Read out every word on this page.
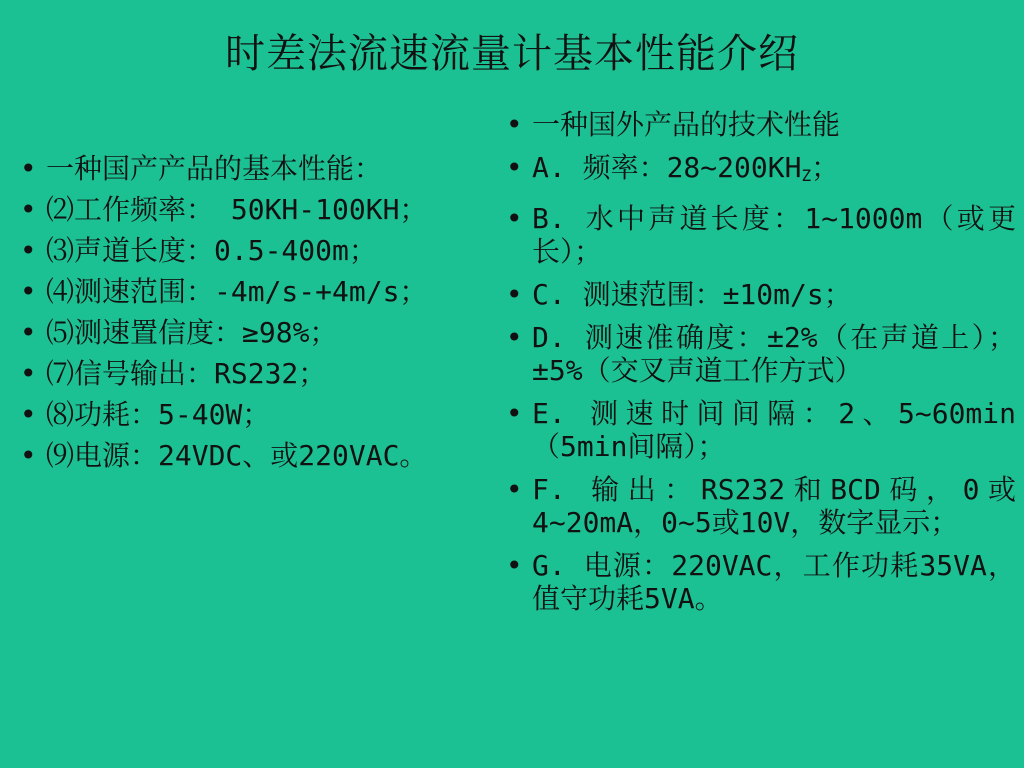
时差法流速流量计基本性能介绍
• 一种国产产品的基本性能：
• ⑵工作频率： 50KH-100KH；
• ⑶声道长度：0.5-400m；
• ⑷测速范围：-4m/s-+4m/s；
• ⑸测速置信度：≥98%；
• ⑺信号输出：RS232；
• ⑻功耗：5-40W；
• ⑼电源：24VDC、或220VAC。
• 一种国外产品的技术性能
• A. 频率：$28\sim 200KH_Z$；
• B. 水中声道长度：1~1000m（或更长）；
• C. 测速范围：±10m/s；
• D. 测速准确度：±2%（在声道上）；±5%（交叉声道工作方式）
• E. 测速时间间隔：2、5~60min（5min间隔）；
• F. 输出：RS232和BCD码，0或4~20mA，0~5或10V，数字显示；
• G. 电源：220VAC，工作功耗35VA，值守功耗5VA。
